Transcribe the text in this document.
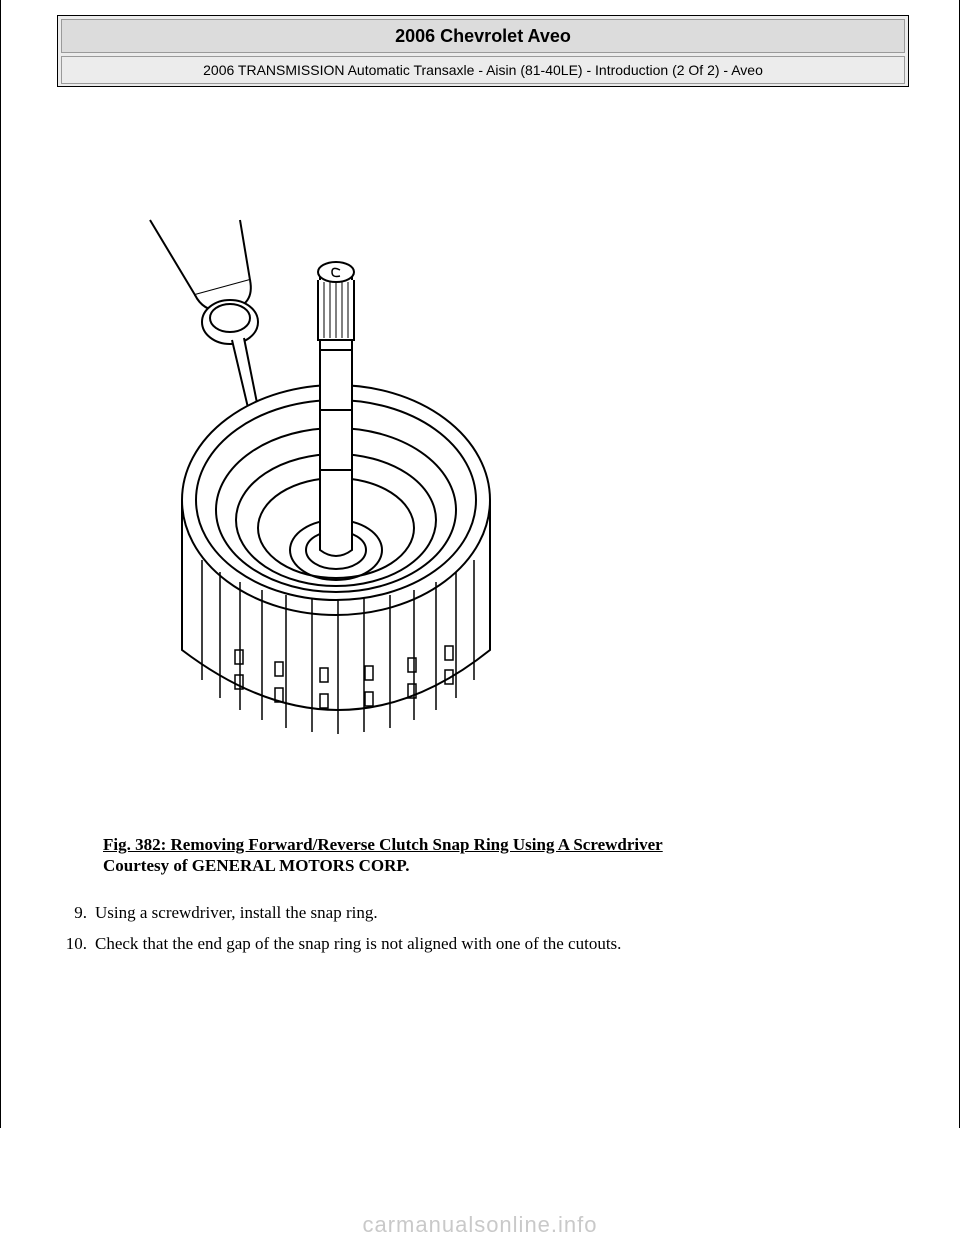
2006 Chevrolet Aveo
2006 TRANSMISSION Automatic Transaxle - Aisin (81-40LE) - Introduction (2 Of 2) - Aveo
Fig. 382: Removing Forward/Reverse Clutch Snap Ring Using A Screwdriver
Courtesy of GENERAL MOTORS CORP.
9. Using a screwdriver, install the snap ring.
10. Check that the end gap of the snap ring is not aligned with one of the cutouts.
carmanualsonline.info
